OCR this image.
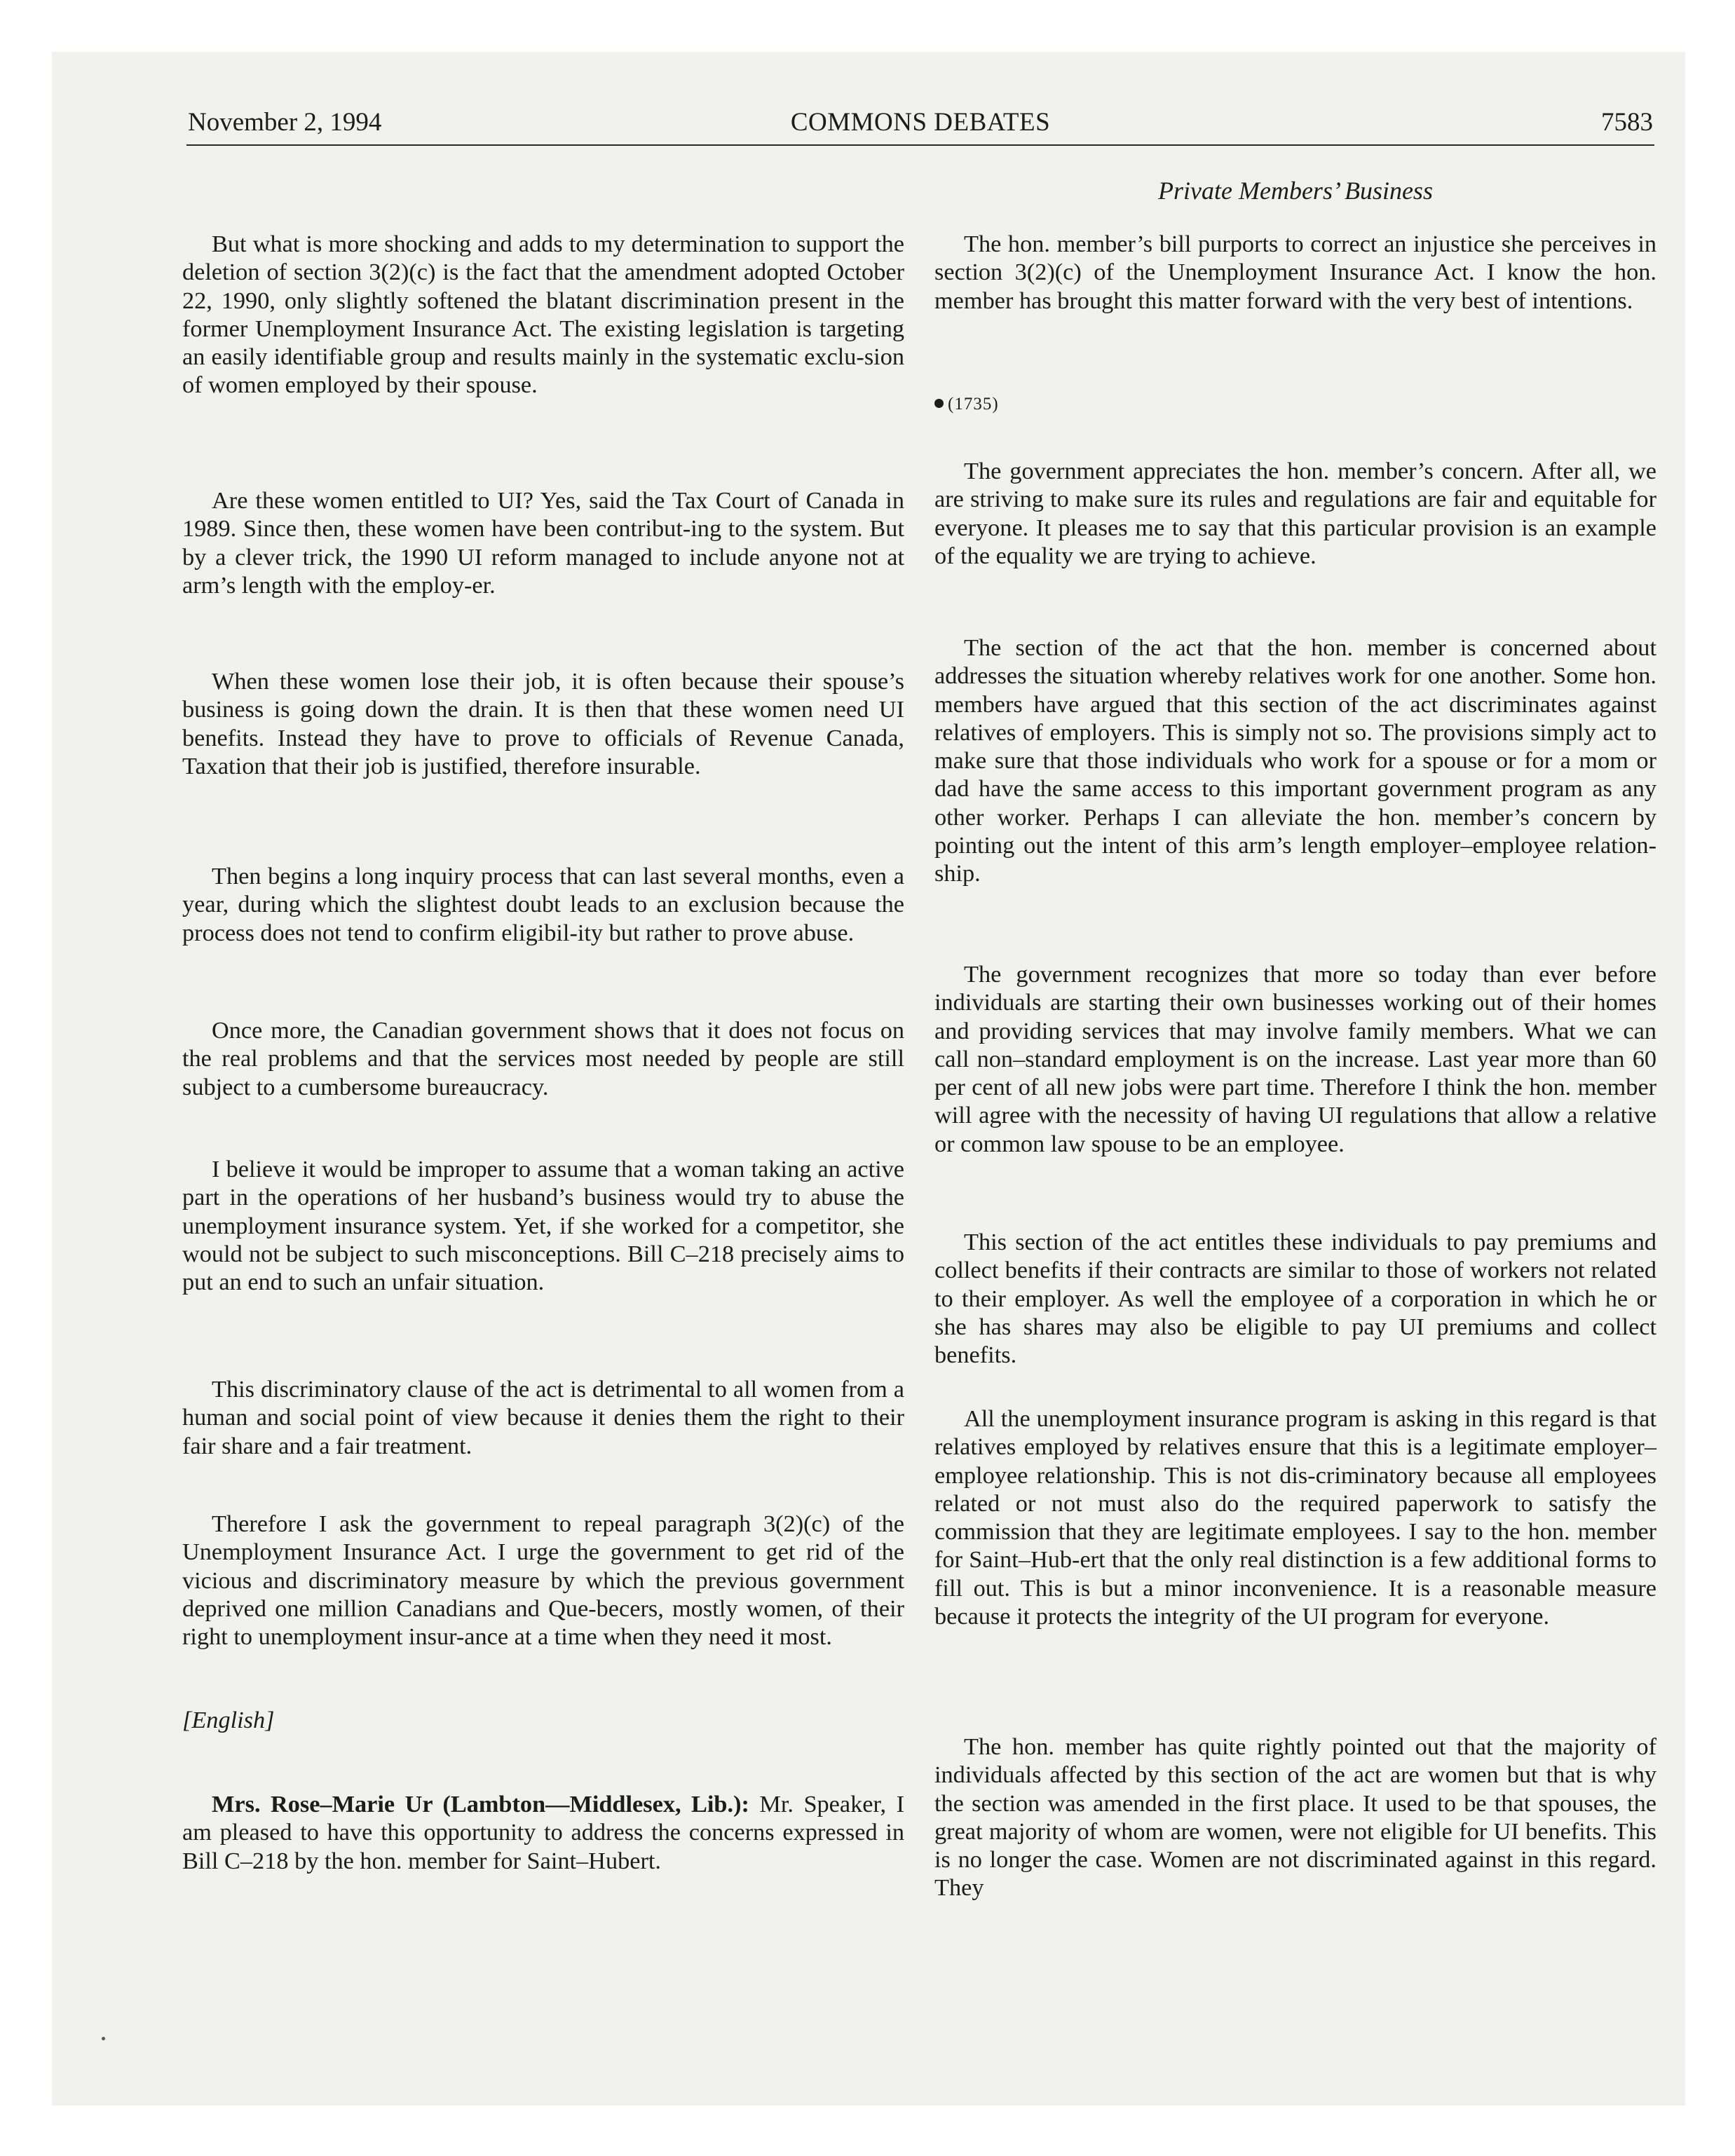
November 2, 1994	COMMONS DEBATES	7583
Private Members’ Business

But what is more shocking and adds to my determination to support the deletion of section 3(2)(c) is the fact that the amendment adopted October 22, 1990, only slightly softened the blatant discrimination present in the former Unemployment Insurance Act. The existing legislation is targeting an easily identifiable group and results mainly in the systematic exclu-sion of women employed by their spouse.

Are these women entitled to UI? Yes, said the Tax Court of Canada in 1989. Since then, these women have been contribut-ing to the system. But by a clever trick, the 1990 UI reform managed to include anyone not at arm’s length with the employ-er.

When these women lose their job, it is often because their spouse’s business is going down the drain. It is then that these women need UI benefits. Instead they have to prove to officials of Revenue Canada, Taxation that their job is justified, therefore insurable.

Then begins a long inquiry process that can last several months, even a year, during which the slightest doubt leads to an exclusion because the process does not tend to confirm eligibil-ity but rather to prove abuse.

Once more, the Canadian government shows that it does not focus on the real problems and that the services most needed by people are still subject to a cumbersome bureaucracy.

I believe it would be improper to assume that a woman taking an active part in the operations of her husband’s business would try to abuse the unemployment insurance system. Yet, if she worked for a competitor, she would not be subject to such misconceptions. Bill C–218 precisely aims to put an end to such an unfair situation.

This discriminatory clause of the act is detrimental to all women from a human and social point of view because it denies them the right to their fair share and a fair treatment.

Therefore I ask the government to repeal paragraph 3(2)(c) of the Unemployment Insurance Act. I urge the government to get rid of the vicious and discriminatory measure by which the previous government deprived one million Canadians and Que-becers, mostly women, of their right to unemployment insur-ance at a time when they need it most.

[English]

Mrs. Rose–Marie Ur (Lambton—Middlesex, Lib.): Mr. Speaker, I am pleased to have this opportunity to address the concerns expressed in Bill C–218 by the hon. member for Saint–Hubert.

The hon. member’s bill purports to correct an injustice she perceives in section 3(2)(c) of the Unemployment Insurance Act. I know the hon. member has brought this matter forward with the very best of intentions.

The government appreciates the hon. member’s concern. After all, we are striving to make sure its rules and regulations are fair and equitable for everyone. It pleases me to say that this particular provision is an example of the equality we are trying to achieve.

The section of the act that the hon. member is concerned about addresses the situation whereby relatives work for one another. Some hon. members have argued that this section of the act discriminates against relatives of employers. This is simply not so. The provisions simply act to make sure that those individuals who work for a spouse or for a mom or dad have the same access to this important government program as any other worker. Perhaps I can alleviate the hon. member’s concern by pointing out the intent of this arm’s length employer–employee relation-ship.

The government recognizes that more so today than ever before individuals are starting their own businesses working out of their homes and providing services that may involve family members. What we can call non–standard employment is on the increase. Last year more than 60 per cent of all new jobs were part time. Therefore I think the hon. member will agree with the necessity of having UI regulations that allow a relative or common law spouse to be an employee.

This section of the act entitles these individuals to pay premiums and collect benefits if their contracts are similar to those of workers not related to their employer. As well the employee of a corporation in which he or she has shares may also be eligible to pay UI premiums and collect benefits.

All the unemployment insurance program is asking in this regard is that relatives employed by relatives ensure that this is a legitimate employer–employee relationship. This is not dis-criminatory because all employees related or not must also do the required paperwork to satisfy the commission that they are legitimate employees. I say to the hon. member for Saint–Hub-ert that the only real distinction is a few additional forms to fill out. This is but a minor inconvenience. It is a reasonable measure because it protects the integrity of the UI program for everyone.

The hon. member has quite rightly pointed out that the majority of individuals affected by this section of the act are women but that is why the section was amended in the first place. It used to be that spouses, the great majority of whom are women, were not eligible for UI benefits. This is no longer the case. Women are not discriminated against in this regard. They

(1735)
